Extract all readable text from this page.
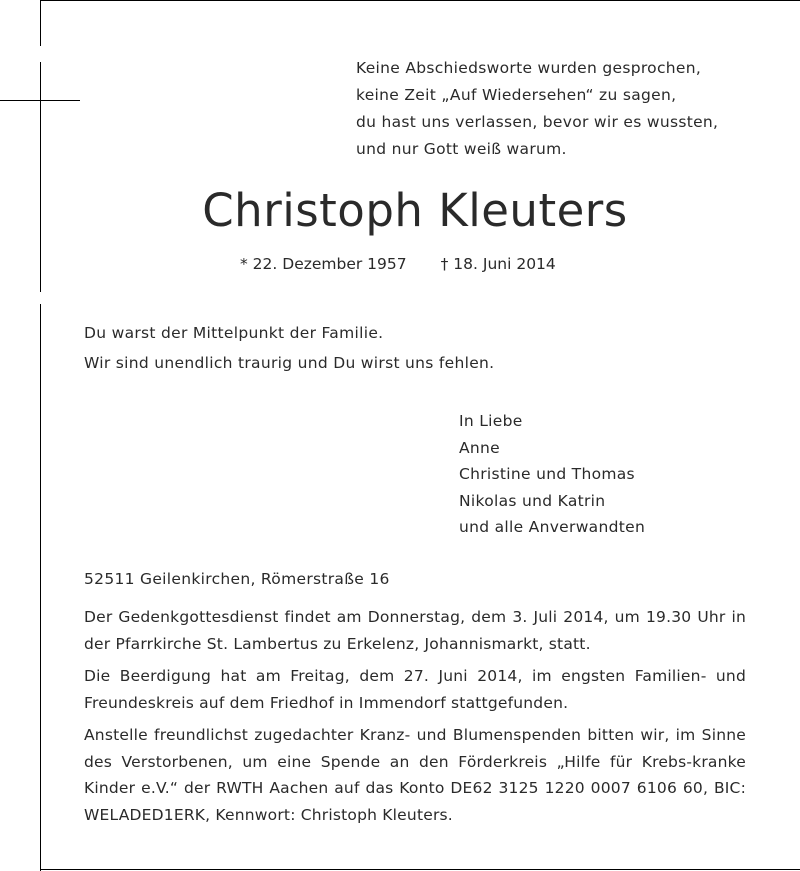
Keine Abschiedsworte wurden gesprochen,
keine Zeit „Auf Wiedersehen“ zu sagen,
du hast uns verlassen, bevor wir es wussten,
und nur Gott weiß warum.
Christoph Kleuters
* 22. Dezember 1957 † 18. Juni 2014
Du warst der Mittelpunkt der Familie.
Wir sind unendlich traurig und Du wirst uns fehlen.
In Liebe
Anne
Christine und Thomas
Nikolas und Katrin
und alle Anverwandten
52511 Geilenkirchen, Römerstraße 16

Der Gedenkgottesdienst findet am Donnerstag, dem 3. Juli 2014, um 19.30 Uhr in der Pfarrkirche St. Lambertus zu Erkelenz, Johannismarkt, statt.

Die Beerdigung hat am Freitag, dem 27. Juni 2014, im engsten Familien- und Freundeskreis auf dem Friedhof in Immendorf stattgefunden.

Anstelle freundlichst zugedachter Kranz- und Blumenspenden bitten wir, im Sinne des Verstorbenen, um eine Spende an den Förderkreis „Hilfe für Krebs-kranke Kinder e.V.“ der RWTH Aachen auf das Konto DE62 3125 1220 0007 6106 60, BIC: WELADED1ERK, Kennwort: Christoph Kleuters.
